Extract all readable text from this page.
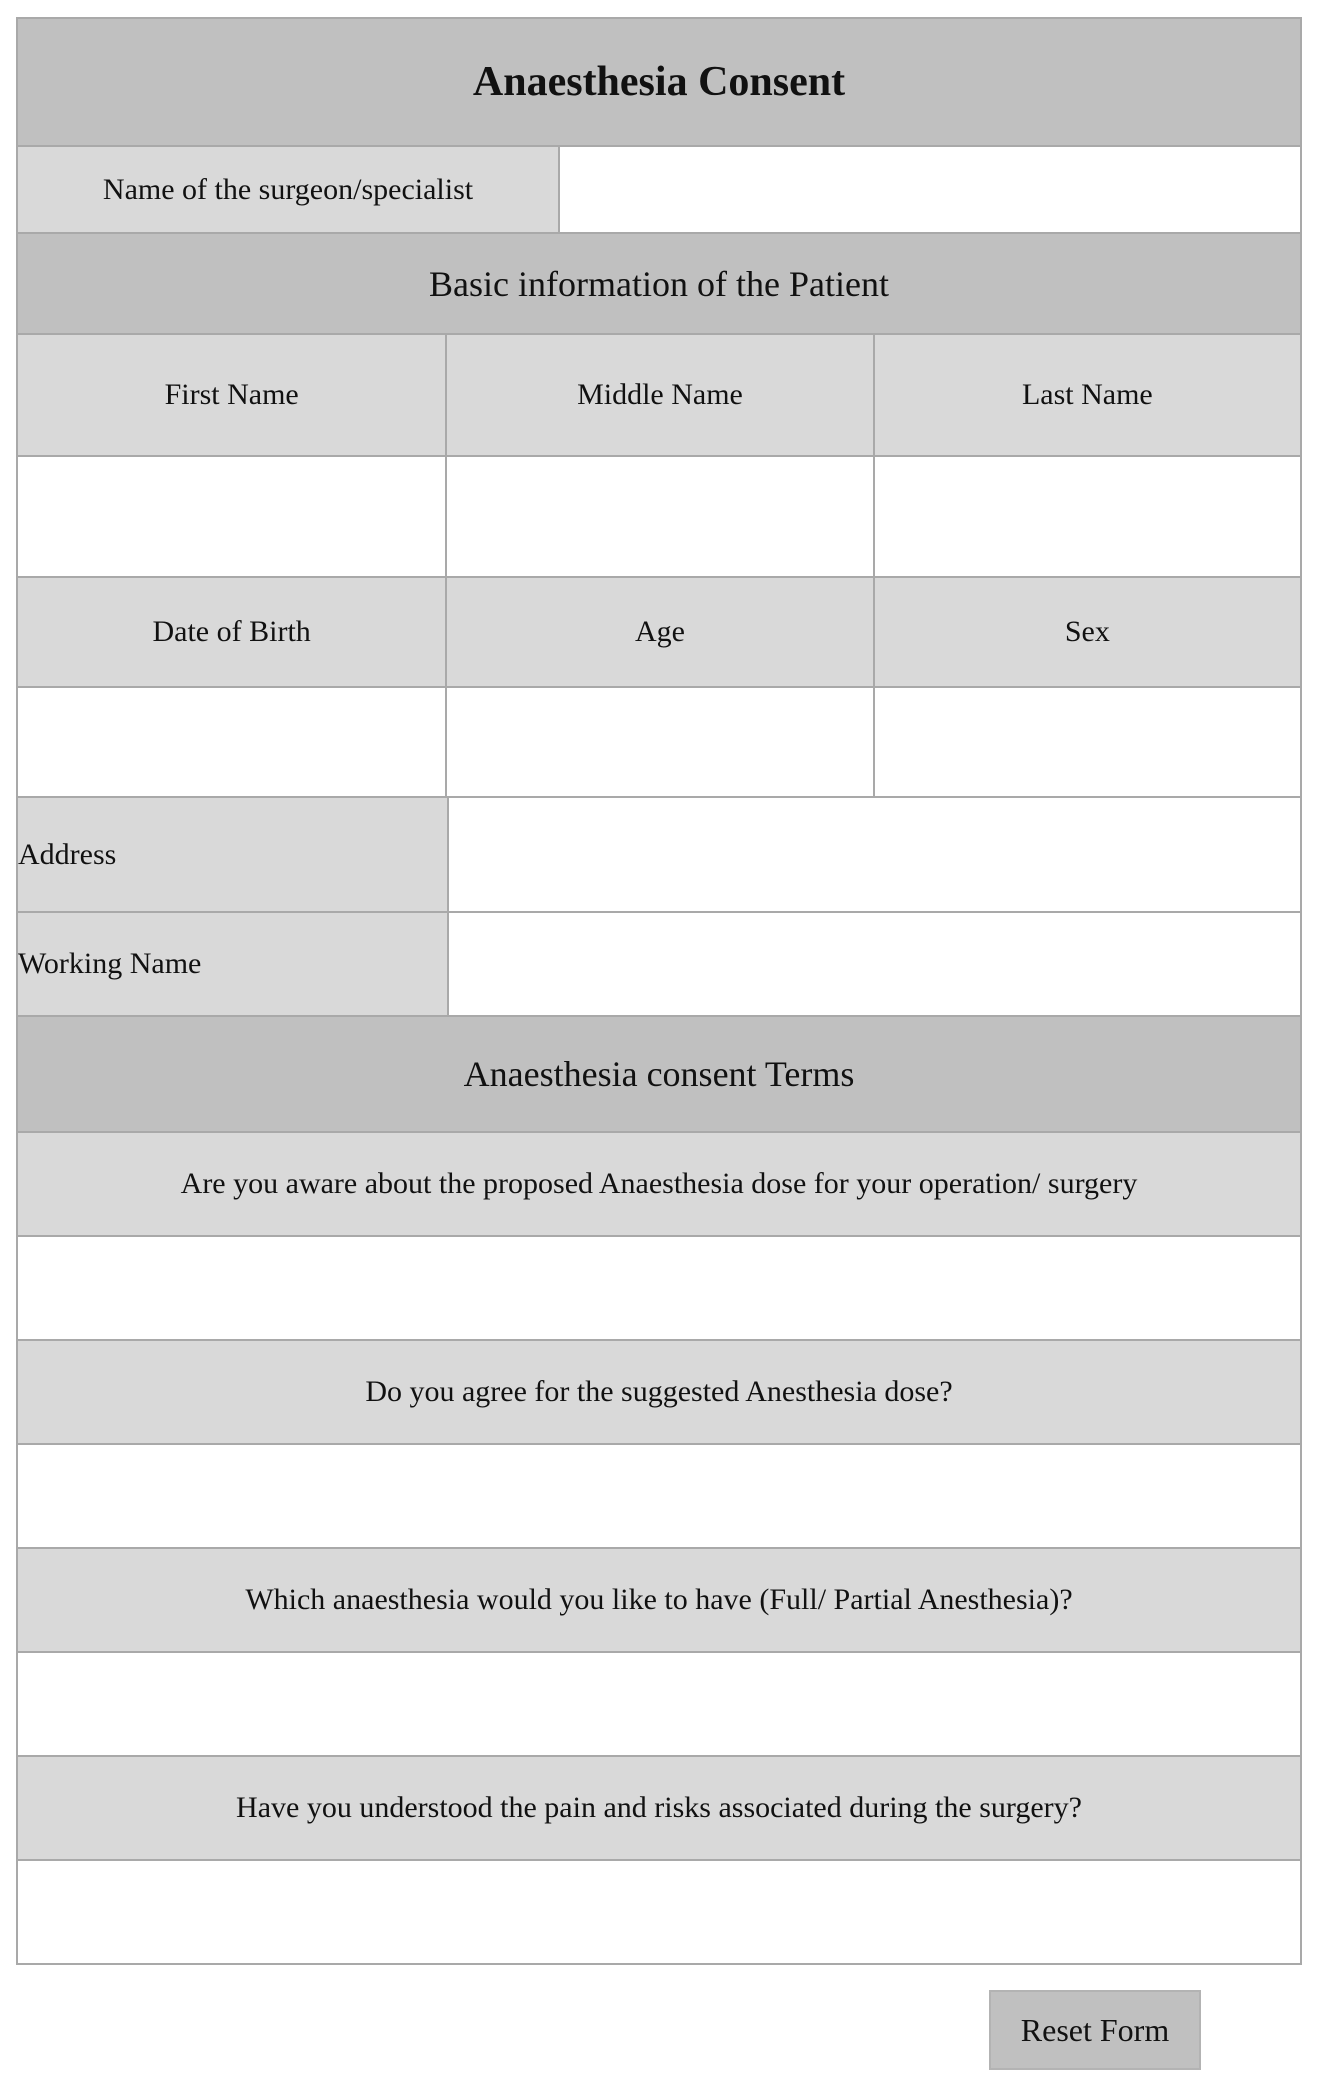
Anaesthesia Consent
Name of the surgeon/specialist
Basic information of the Patient
First Name	Middle Name	Last Name
Date of Birth	Age	Sex
Address
Working Name
Anaesthesia consent Terms
Are you aware about the proposed Anaesthesia dose for your operation/ surgery
Do you agree for the suggested Anesthesia dose?
Which anaesthesia would you like to have (Full/ Partial Anesthesia)?
Have you understood the pain and risks associated during the surgery?
Reset Form
